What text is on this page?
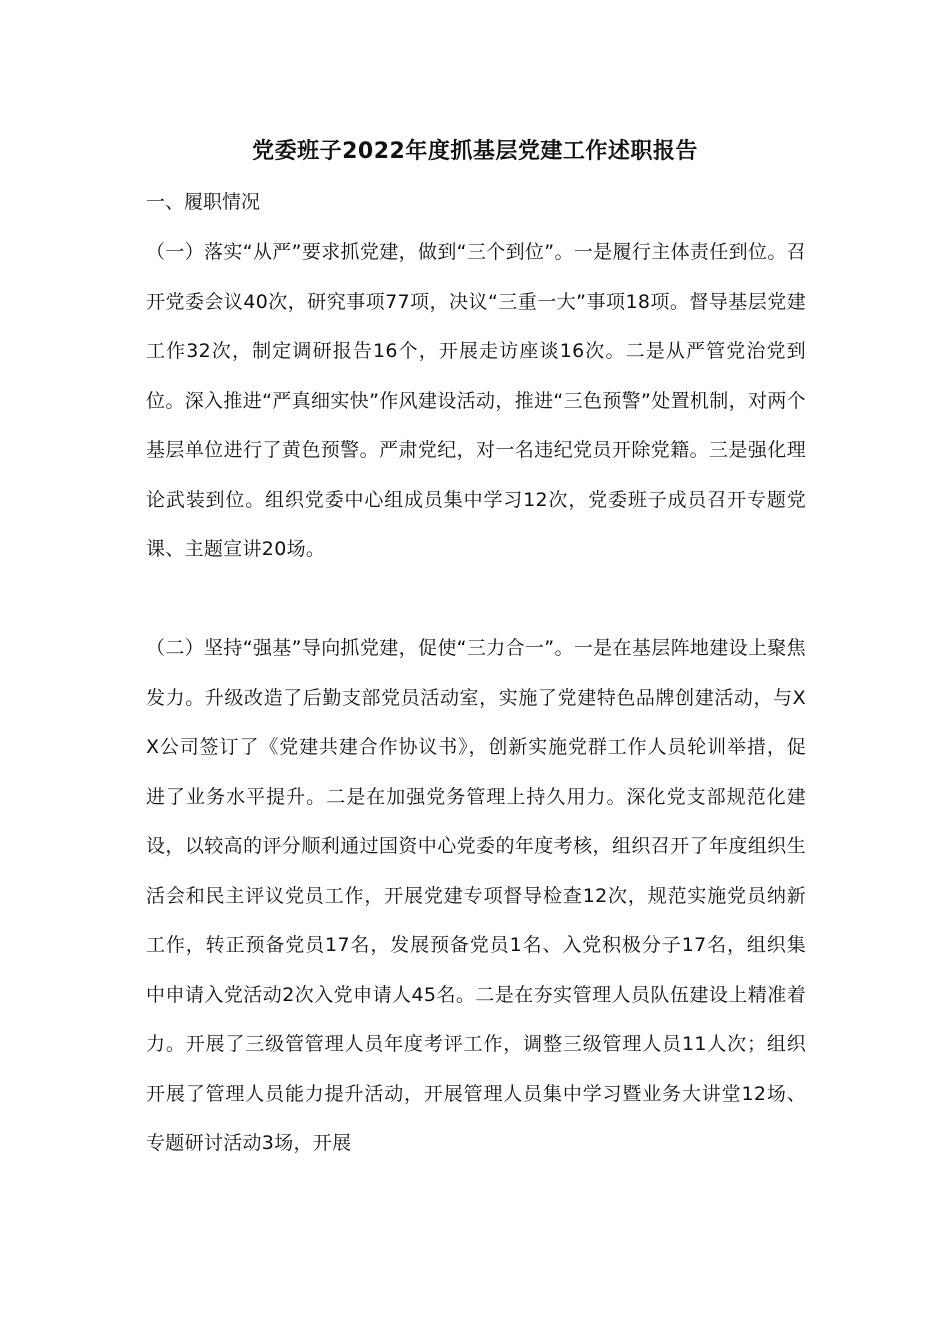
党委班子2022年度抓基层党建工作述职报告
一、履职情况
（一）落实“从严”要求抓党建，做到“三个到位”。一是履行主体责任到位。召开党委会议40次，研究事项77项，决议“三重一大”事项18项。督导基层党建工作32次，制定调研报告16个，开展走访座谈16次。二是从严管党治党到位。深入推进“严真细实快”作风建设活动，推进“三色预警”处置机制，对两个基层单位进行了黄色预警。严肃党纪，对一名违纪党员开除党籍。三是强化理论武装到位。组织党委中心组成员集中学习12次，党委班子成员召开专题党课、主题宣讲20场。
（二）坚持“强基”导向抓党建，促使“三力合一”。一是在基层阵地建设上聚焦发力。升级改造了后勤支部党员活动室，实施了党建特色品牌创建活动，与XX公司签订了《党建共建合作协议书》，创新实施党群工作人员轮训举措，促进了业务水平提升。二是在加强党务管理上持久用力。深化党支部规范化建设，以较高的评分顺利通过国资中心党委的年度考核，组织召开了年度组织生活会和民主评议党员工作，开展党建专项督导检查12次，规范实施党员纳新工作，转正预备党员17名，发展预备党员1名、入党积极分子17名，组织集中申请入党活动2次入党申请人45名。二是在夯实管理人员队伍建设上精准着力。开展了三级管管理人员年度考评工作，调整三级管理人员11人次；组织开展了管理人员能力提升活动，开展管理人员集中学习暨业务大讲堂12场、专题研讨活动3场，开展
